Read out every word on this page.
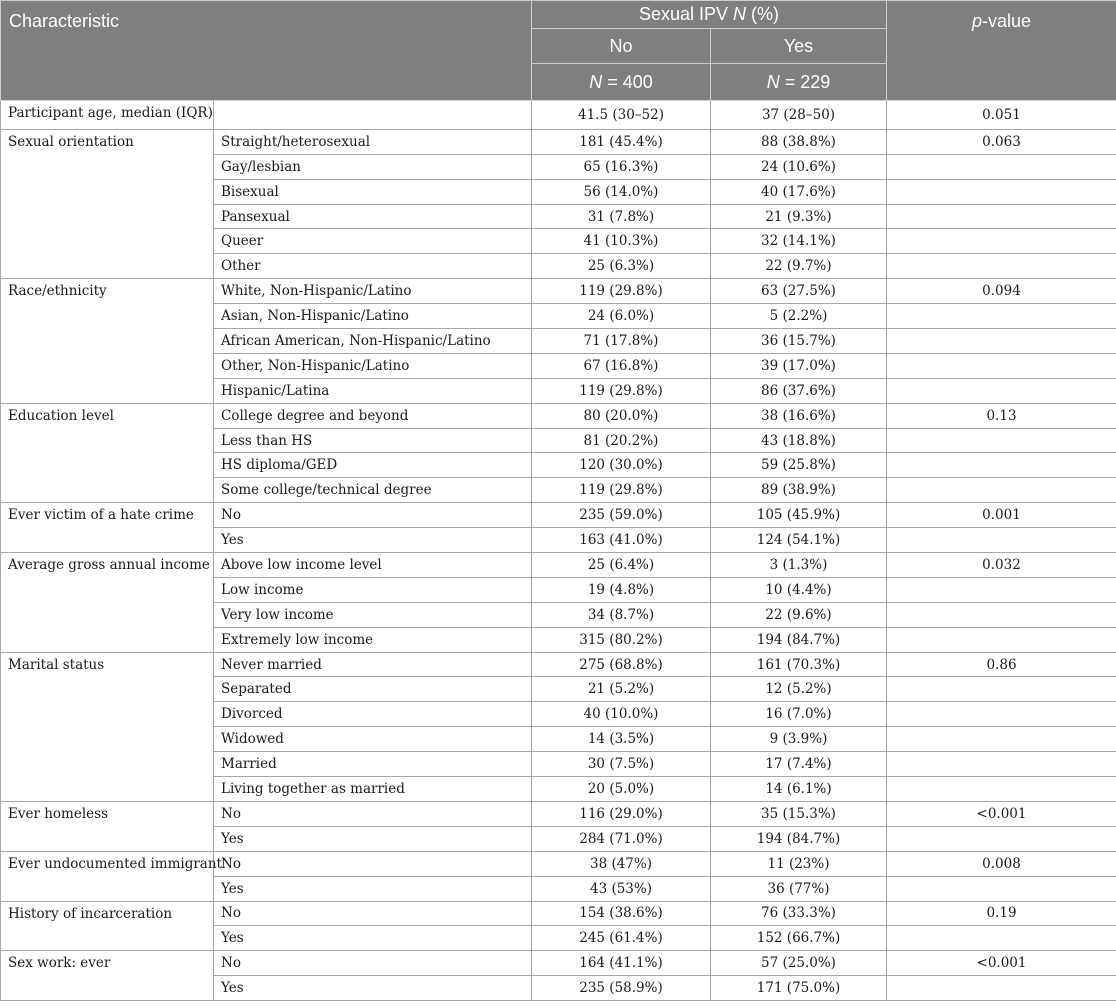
Characteristic		Sexual IPV N (%)		p-value
		No	Yes	
		N = 400	N = 229	
Participant age, median (IQR)		41.5 (30–52)	37 (28–50)	0.051
Sexual orientation	Straight/heterosexual	181 (45.4%)	88 (38.8%)	0.063
	Gay/lesbian	65 (16.3%)	24 (10.6%)	
	Bisexual	56 (14.0%)	40 (17.6%)	
	Pansexual	31 (7.8%)	21 (9.3%)	
	Queer	41 (10.3%)	32 (14.1%)	
	Other	25 (6.3%)	22 (9.7%)	
Race/ethnicity	White, Non-Hispanic/Latino	119 (29.8%)	63 (27.5%)	0.094
	Asian, Non-Hispanic/Latino	24 (6.0%)	5 (2.2%)	
	African American, Non-Hispanic/Latino	71 (17.8%)	36 (15.7%)	
	Other, Non-Hispanic/Latino	67 (16.8%)	39 (17.0%)	
	Hispanic/Latina	119 (29.8%)	86 (37.6%)	
Education level	College degree and beyond	80 (20.0%)	38 (16.6%)	0.13
	Less than HS	81 (20.2%)	43 (18.8%)	
	HS diploma/GED	120 (30.0%)	59 (25.8%)	
	Some college/technical degree	119 (29.8%)	89 (38.9%)	
Ever victim of a hate crime	No	235 (59.0%)	105 (45.9%)	0.001
	Yes	163 (41.0%)	124 (54.1%)	
Average gross annual income	Above low income level	25 (6.4%)	3 (1.3%)	0.032
	Low income	19 (4.8%)	10 (4.4%)	
	Very low income	34 (8.7%)	22 (9.6%)	
	Extremely low income	315 (80.2%)	194 (84.7%)	
Marital status	Never married	275 (68.8%)	161 (70.3%)	0.86
	Separated	21 (5.2%)	12 (5.2%)	
	Divorced	40 (10.0%)	16 (7.0%)	
	Widowed	14 (3.5%)	9 (3.9%)	
	Married	30 (7.5%)	17 (7.4%)	
	Living together as married	20 (5.0%)	14 (6.1%)	
Ever homeless	No	116 (29.0%)	35 (15.3%)	<0.001
	Yes	284 (71.0%)	194 (84.7%)	
Ever undocumented immigrant	No	38 (47%)	11 (23%)	0.008
	Yes	43 (53%)	36 (77%)	
History of incarceration	No	154 (38.6%)	76 (33.3%)	0.19
	Yes	245 (61.4%)	152 (66.7%)	
Sex work: ever	No	164 (41.1%)	57 (25.0%)	<0.001
	Yes	235 (58.9%)	171 (75.0%)	
